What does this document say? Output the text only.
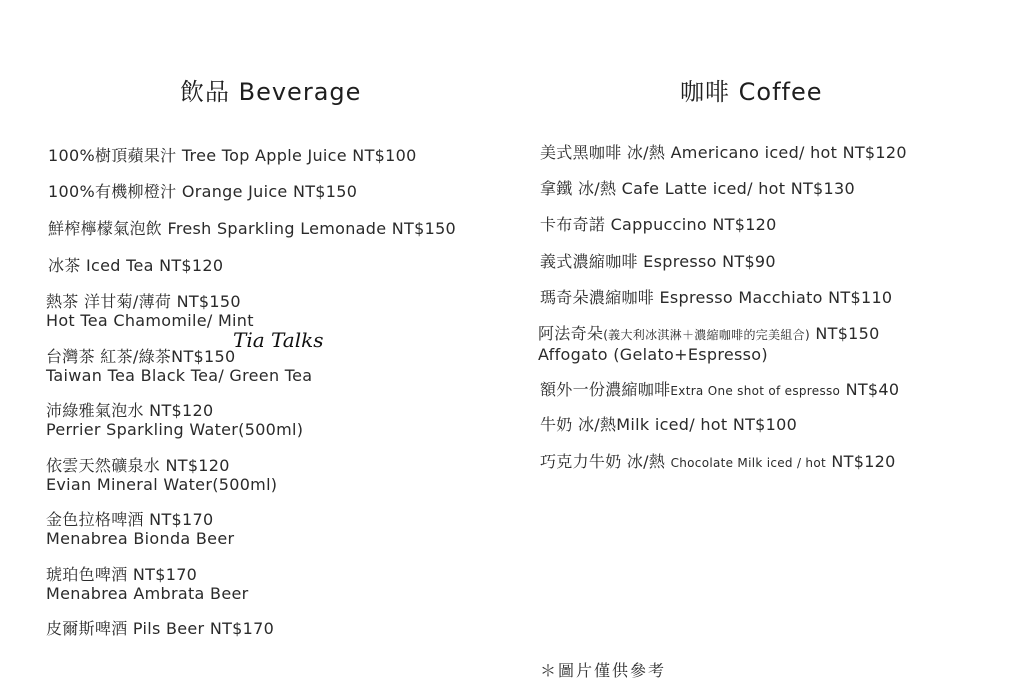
飲品 Beverage
100%樹頂蘋果汁 Tree Top Apple Juice NT$100
100%有機柳橙汁 Orange Juice NT$150
鮮榨檸檬氣泡飲 Fresh Sparkling Lemonade NT$150
冰茶 Iced Tea NT$120
熱茶 洋甘菊/薄荷 NT$150
Hot Tea Chamomile/ Mint
台灣茶 紅茶/綠茶NT$150
Taiwan Tea Black Tea/ Green Tea
沛綠雅氣泡水 NT$120
Perrier Sparkling Water(500ml)
依雲天然礦泉水 NT$120
Evian Mineral Water(500ml)
金色拉格啤酒 NT$170
Menabrea Bionda Beer
琥珀色啤酒 NT$170
Menabrea Ambrata Beer
皮爾斯啤酒 Pils Beer NT$170
Tia Talks
咖啡 Coffee
美式黑咖啡 冰/熱 Americano iced/ hot NT$120
拿鐵 冰/熱 Cafe Latte iced/ hot NT$130
卡布奇諾 Cappuccino NT$120
義式濃縮咖啡 Espresso NT$90
瑪奇朵濃縮咖啡 Espresso Macchiato NT$110
阿法奇朵(義大利冰淇淋＋濃縮咖啡的完美組合) NT$150
Affogato (Gelato+Espresso)
額外一份濃縮咖啡Extra One shot of espresso NT$40
牛奶 冰/熱Milk iced/ hot NT$100
巧克力牛奶 冰/熱 Chocolate Milk iced / hot NT$120
＊圖片僅供參考
